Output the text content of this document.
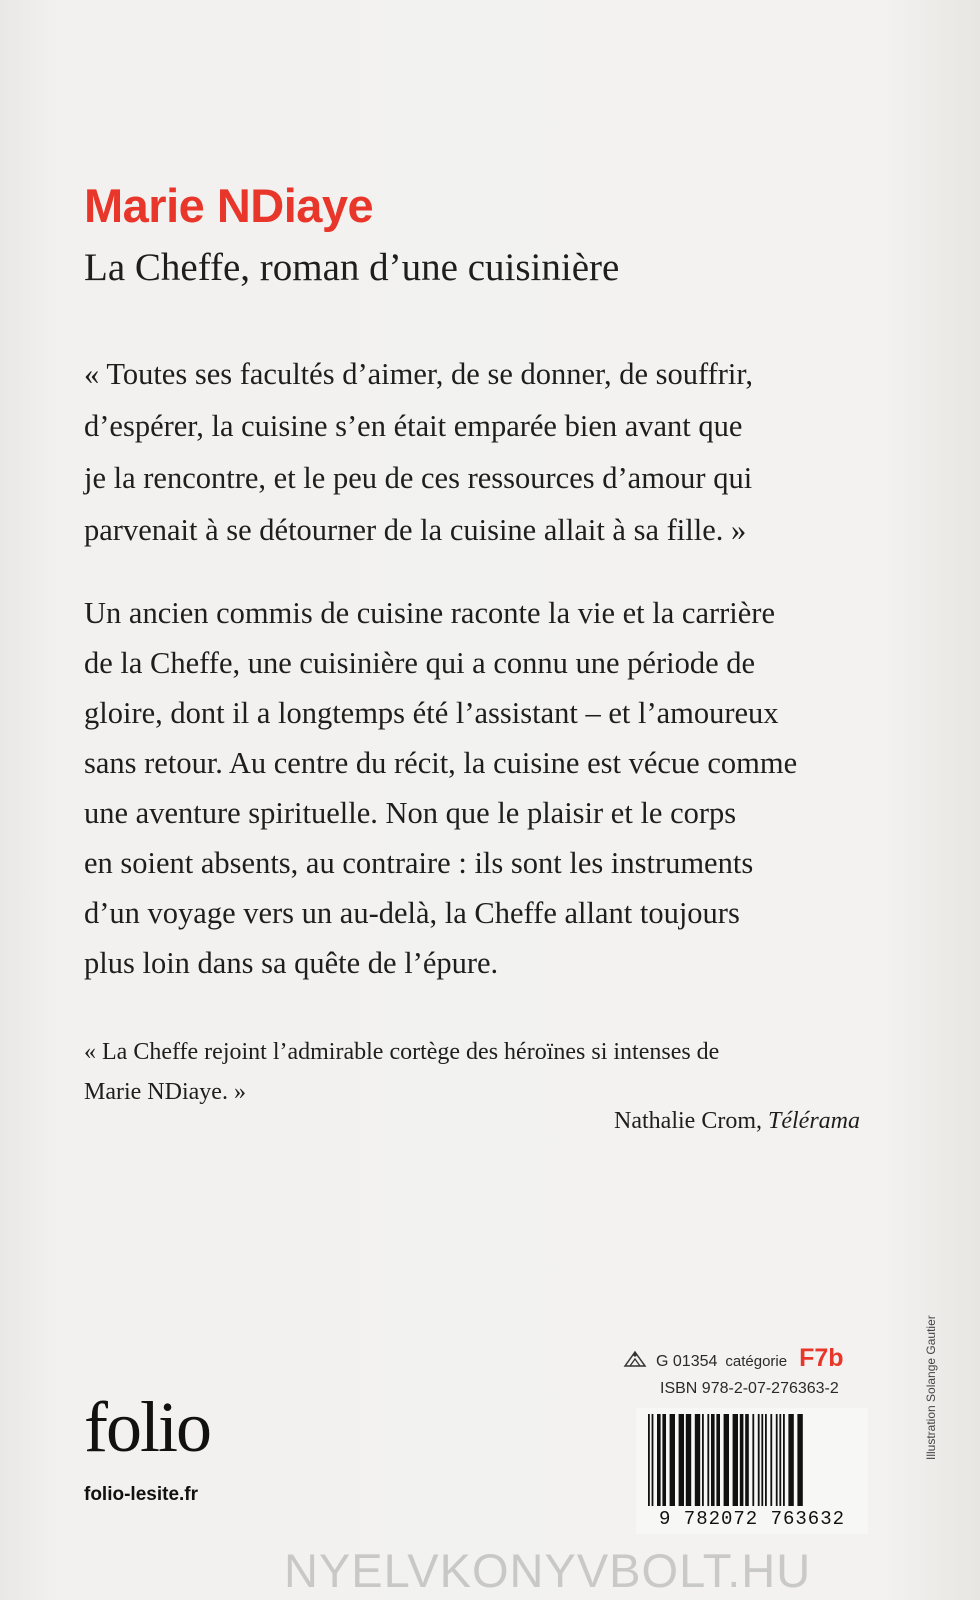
Marie NDiaye
La Cheffe, roman d’une cuisinière

« Toutes ses facultés d’aimer, de se donner, de souffrir,
d’espérer, la cuisine s’en était emparée bien avant que
je la rencontre, et le peu de ces ressources d’amour qui
parvenait à se détourner de la cuisine allait à sa fille. »

Un ancien commis de cuisine raconte la vie et la carrière
de la Cheffe, une cuisinière qui a connu une période de
gloire, dont il a longtemps été l’assistant – et l’amoureux
sans retour. Au centre du récit, la cuisine est vécue comme
une aventure spirituelle. Non que le plaisir et le corps
en soient absents, au contraire : ils sont les instruments
d’un voyage vers un au-delà, la Cheffe allant toujours
plus loin dans sa quête de l’épure.

« La Cheffe rejoint l’admirable cortège des héroïnes si intenses de
Marie NDiaye. »

Nathalie Crom, Télérama
G 01354 catégorie F7b
ISBN 978-2-07-276363-2
9 782072 763632
folio
folio-lesite.fr
Illustration Solange Gautier
NYELVKONYVBOLT.HU
